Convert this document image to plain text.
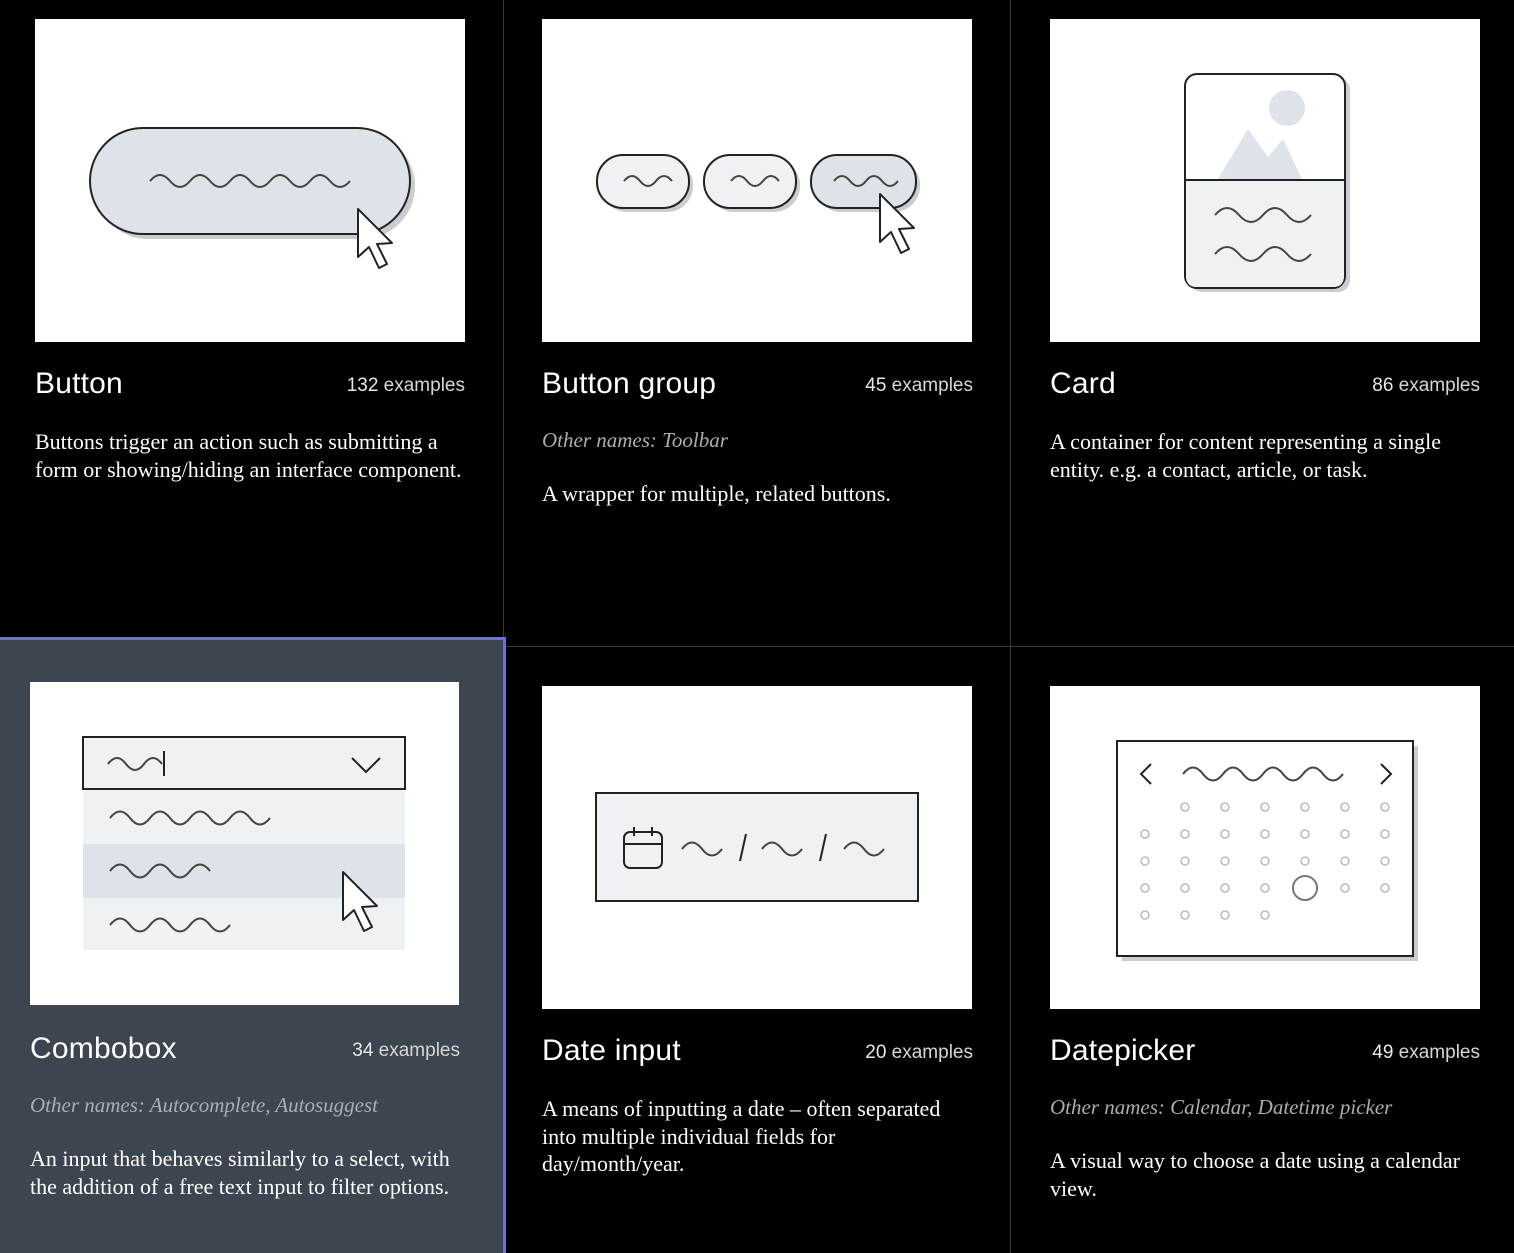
Button	132 examples
Buttons trigger an action such as submitting a form or showing/hiding an interface component.
Button group	45 examples
Other names: Toolbar
A wrapper for multiple, related buttons.
Card	86 examples
A container for content representing a single entity. e.g. a contact, article, or task.
Combobox	34 examples
Other names: Autocomplete, Autosuggest
An input that behaves similarly to a select, with the addition of a free text input to filter options.
Date input	20 examples
A means of inputting a date – often separated into multiple individual fields for day/month/year.
Datepicker	49 examples
Other names: Calendar, Datetime picker
A visual way to choose a date using a calendar view.
